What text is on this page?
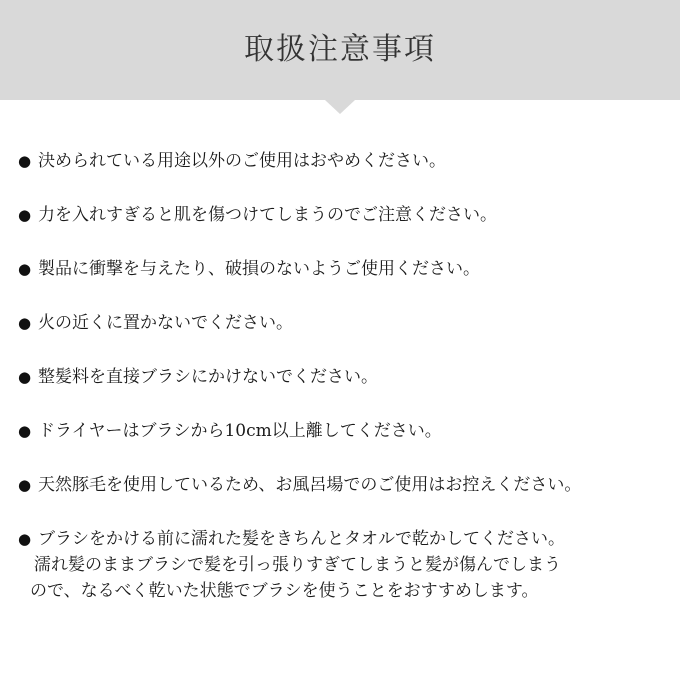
取扱注意事項
● 決められている用途以外のご使用はおやめください。
● 力を入れすぎると肌を傷つけてしまうのでご注意ください。
● 製品に衝撃を与えたり、破損のないようご使用ください。
● 火の近くに置かないでください。
● 整髪料を直接ブラシにかけないでください。
● ドライヤーはブラシから10cm以上離してください。
● 天然豚毛を使用しているため、お風呂場でのご使用はお控えください。
● ブラシをかける前に濡れた髪をきちんとタオルで乾かしてください。
濡れ髪のままブラシで髪を引っ張りすぎてしまうと髪が傷んでしまう
ので、なるべく乾いた状態でブラシを使うことをおすすめします。
